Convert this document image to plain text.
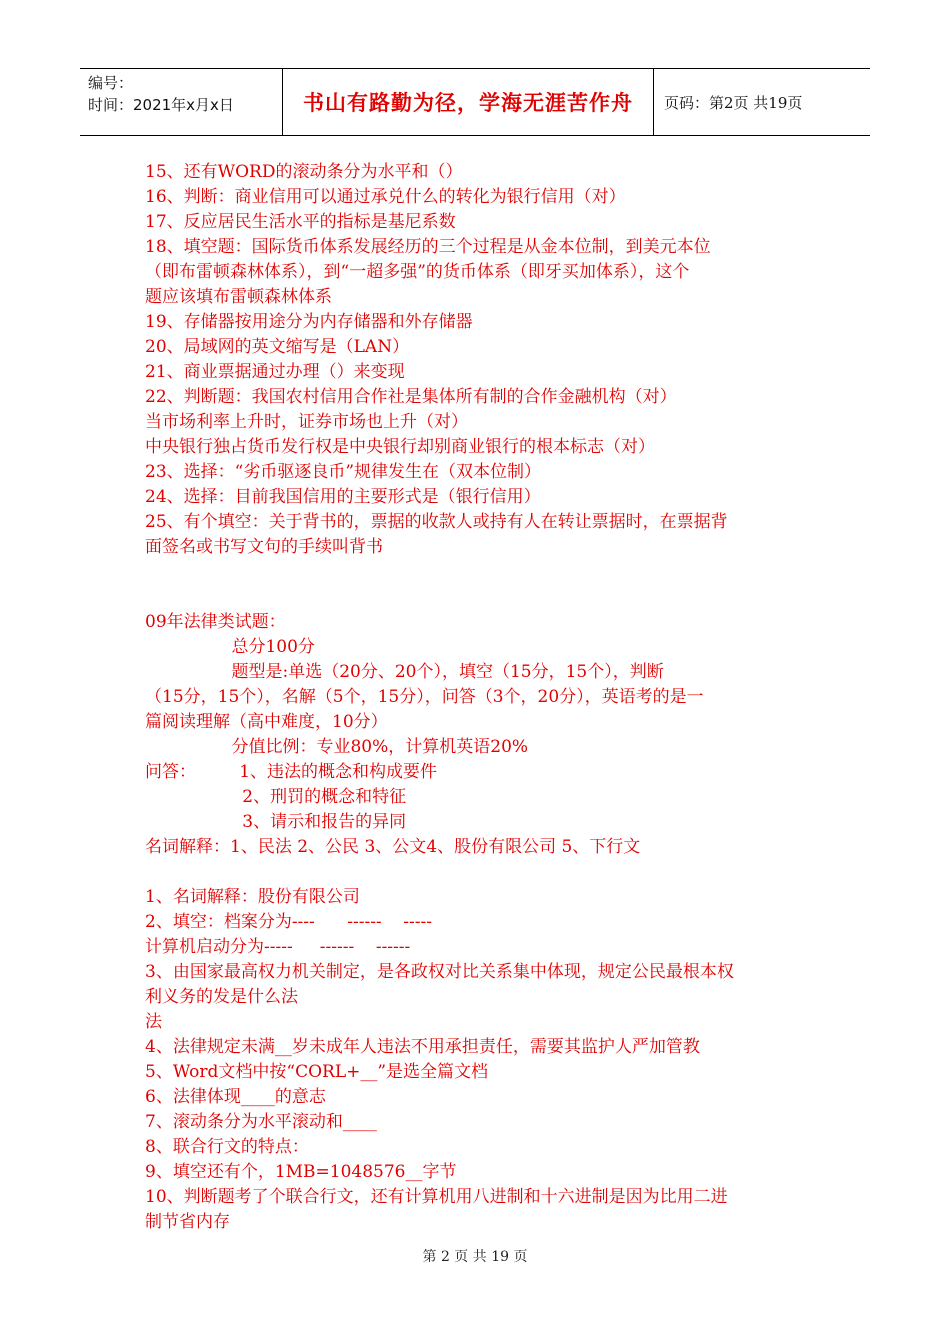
编号：
时间：2021年x月x日	书山有路勤为径，学海无涯苦作舟	页码：第2页 共19页
15、还有WORD的滚动条分为水平和（）
16、判断：商业信用可以通过承兑什么的转化为银行信用（对）
17、反应居民生活水平的指标是基尼系数
18、填空题：国际货币体系发展经历的三个过程是从金本位制，到美元本位
（即布雷顿森林体系），到“一超多强”的货币体系（即牙买加体系），这个
题应该填布雷顿森林体系
19、存储器按用途分为内存储器和外存储器
20、局域网的英文缩写是（LAN）
21、商业票据通过办理（）来变现
22、判断题：我国农村信用合作社是集体所有制的合作金融机构（对）
当市场利率上升时，证券市场也上升（对）
中央银行独占货币发行权是中央银行却别商业银行的根本标志（对）
23、选择：“劣币驱逐良币”规律发生在（双本位制）
24、选择：目前我国信用的主要形式是（银行信用）
25、有个填空：关于背书的，票据的收款人或持有人在转让票据时，在票据背
面签名或书写文句的手续叫背书
09年法律类试题：
总分100分
题型是:单选（20分、20个），填空（15分，15个），判断
（15分，15个），名解（5个，15分），问答（3个，20分），英语考的是一
篇阅读理解（高中难度，10分）
分值比例：专业80%，计算机英语20%
问答：        1、违法的概念和构成要件
2、刑罚的概念和特征
3、请示和报告的异同
名词解释：1、民法 2、公民 3、公文4、股份有限公司 5、下行文
1、名词解释：股份有限公司
2、填空：档案分为----      ------    -----
计算机启动分为-----     ------    ------
3、由国家最高权力机关制定，是各政权对比关系集中体现，规定公民最根本权
利义务的发是什么法
法
4、法律规定未满__岁未成年人违法不用承担责任，需要其监护人严加管教
5、Word文档中按“CORL+__”是选全篇文档
6、法律体现____的意志
7、滚动条分为水平滚动和____
8、联合行文的特点：
9、填空还有个，1MB=1048576__字节
10、判断题考了个联合行文，还有计算机用八进制和十六进制是因为比用二进
制节省内存
第 2 页 共 19 页
